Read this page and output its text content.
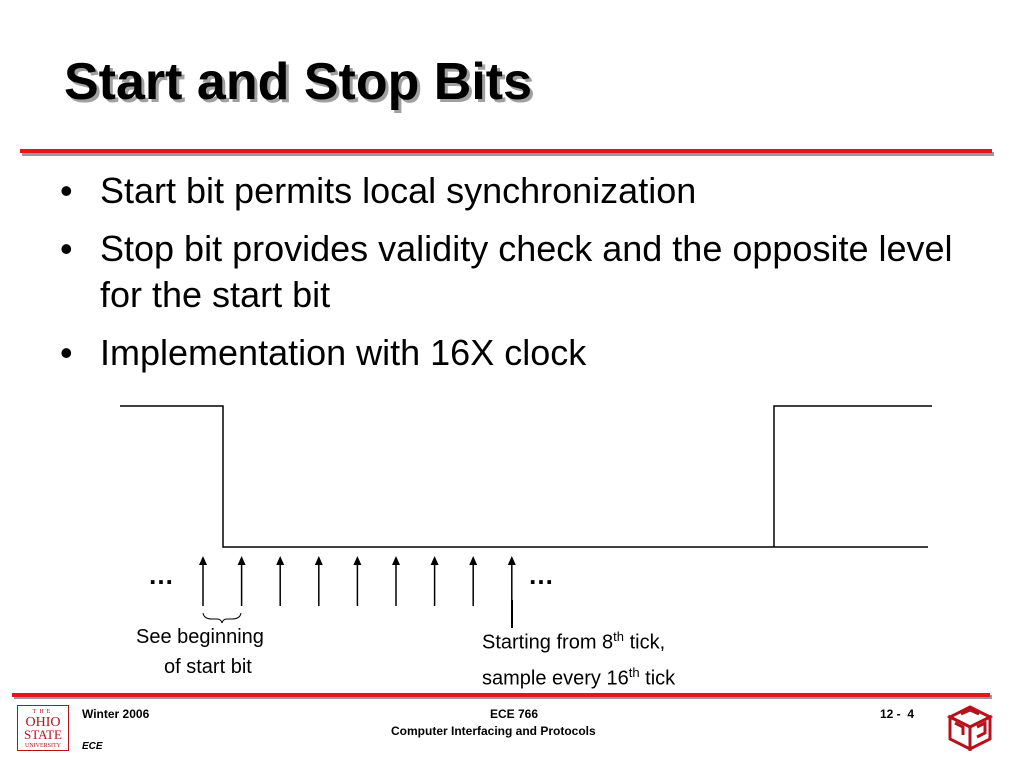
Start and Stop Bits
• Start bit permits local synchronization
• Stop bit provides validity check and the opposite level for the start bit
• Implementation with 16X clock
…	…
See beginning
of start bit
Starting from 8th tick,
sample every 16th tick
THE
OHIO
STATE
UNIVERSITY
Winter 2006
ECE
ECE 766
Computer Interfacing and Protocols
12 -  4
